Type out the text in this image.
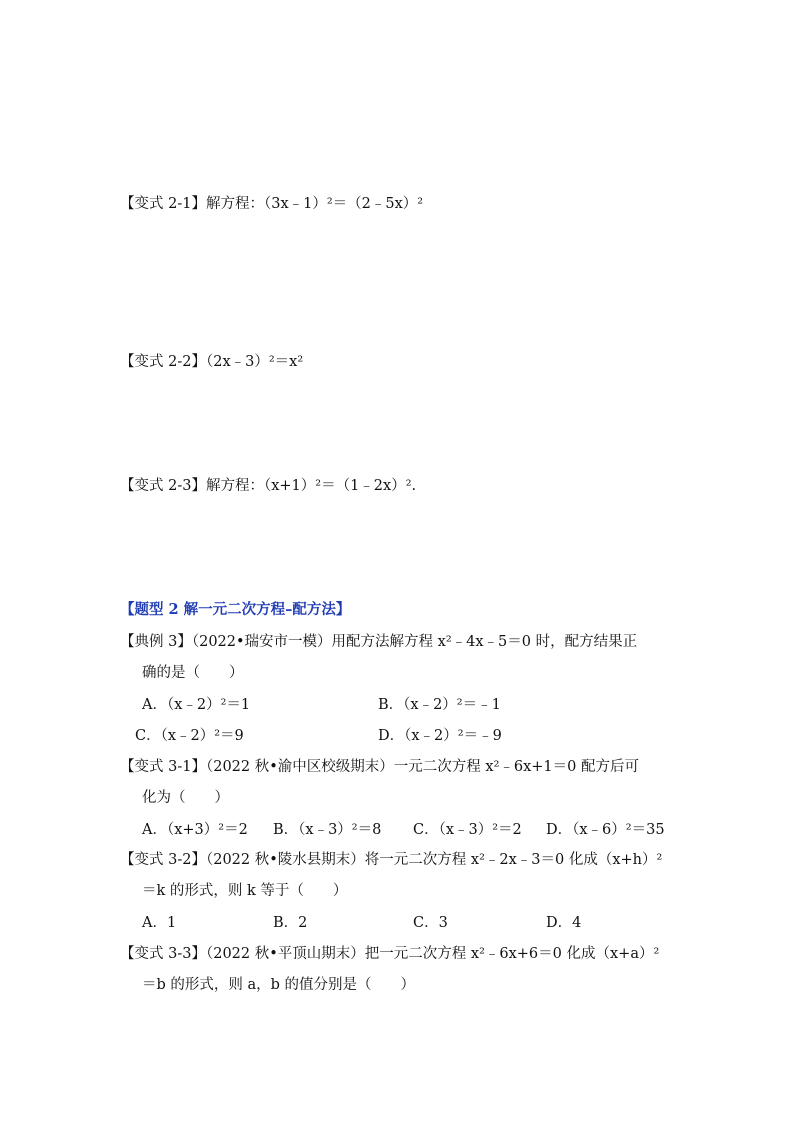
【变式 2-1】解方程：（3x﹣1）²＝（2﹣5x）²
【变式 2-2】（2x﹣3）²＝x²
【变式 2-3】解方程：（x+1）²＝（1﹣2x）².
【题型 2 解一元二次方程–配方法】
【典例 3】（2022•瑞安市一模）用配方法解方程 x²﹣4x﹣5＝0 时，配方结果正
确的是（　　）
A．（x﹣2）²＝1	B．（x﹣2）²＝﹣1
C．（x﹣2）²＝9	D．（x﹣2）²＝﹣9
【变式 3-1】（2022 秋•渝中区校级期末）一元二次方程 x²﹣6x+1＝0 配方后可
化为（　　）
A．（x+3）²＝2 B．（x﹣3）²＝8 C．（x﹣3）²＝2 D．（x﹣6）²＝35
【变式 3-2】（2022 秋•陵水县期末）将一元二次方程 x²﹣2x﹣3＝0 化成（x+h）²
＝k 的形式，则 k 等于（　　）
A．1	B．2	C．3	D．4
【变式 3-3】（2022 秋•平顶山期末）把一元二次方程 x²﹣6x+6＝0 化成（x+a）²
＝b 的形式，则 a，b 的值分别是（　　）
